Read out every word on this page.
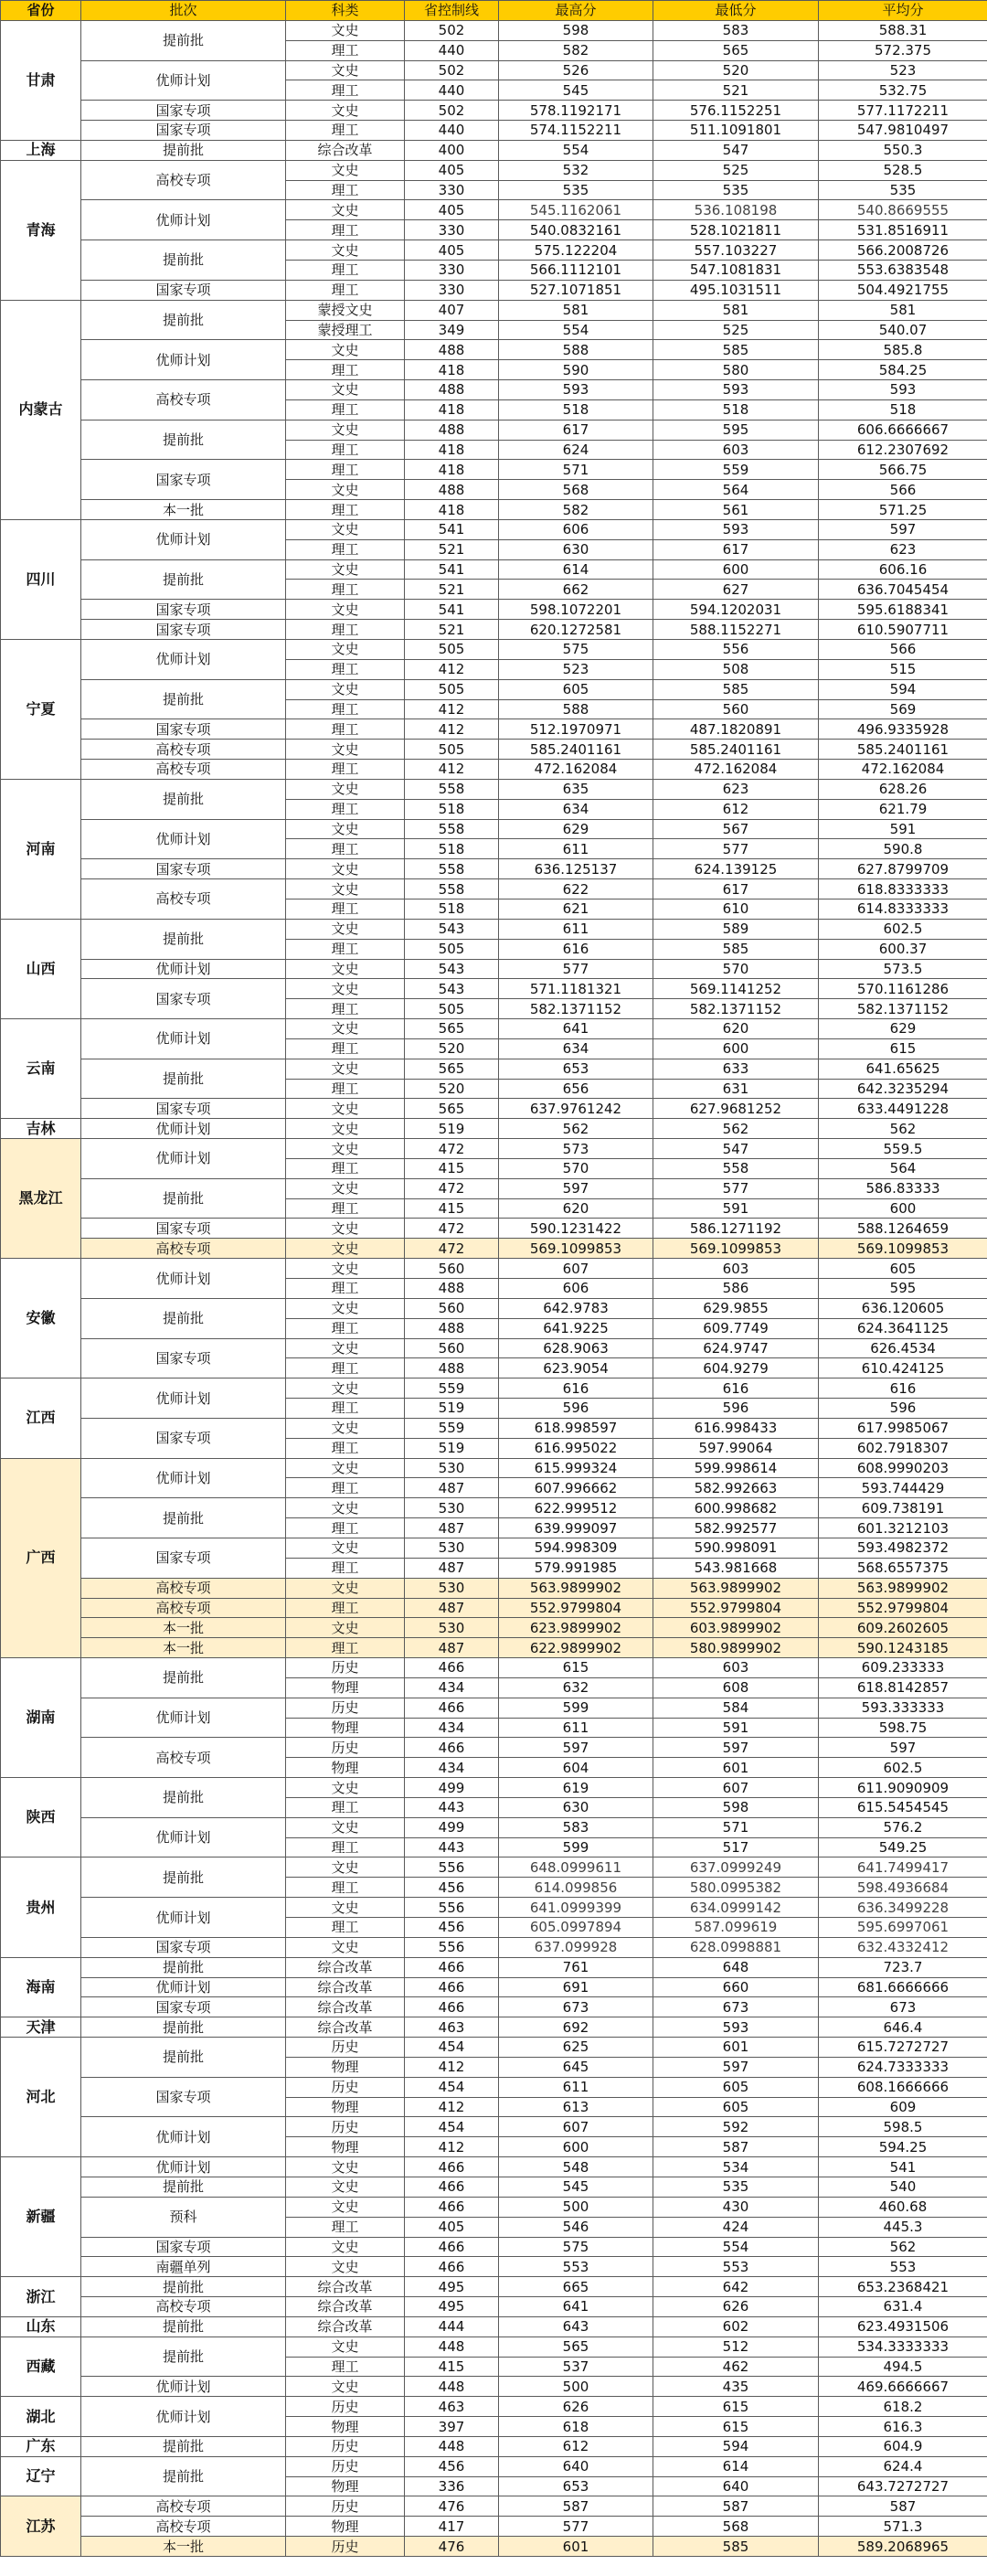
省份	批次	科类	省控制线	最高分	最低分	平均分
甘肃	提前批	文史	502	598	583	588.31
		理工	440	582	565	572.375
	优师计划	文史	502	526	520	523
		理工	440	545	521	532.75
	国家专项	文史	502	578.1192171	576.1152251	577.1172211
	国家专项	理工	440	574.1152211	511.1091801	547.9810497
上海	提前批	综合改革	400	554	547	550.3
青海	高校专项	文史	405	532	525	528.5
		理工	330	535	535	535
	优师计划	文史	405	545.1162061	536.108198	540.8669555
		理工	330	540.0832161	528.1021811	531.8516911
	提前批	文史	405	575.122204	557.103227	566.2008726
		理工	330	566.1112101	547.1081831	553.6383548
	国家专项	理工	330	527.1071851	495.1031511	504.4921755
内蒙古	提前批	蒙授文史	407	581	581	581
		蒙授理工	349	554	525	540.07
	优师计划	文史	488	588	585	585.8
		理工	418	590	580	584.25
	高校专项	文史	488	593	593	593
		理工	418	518	518	518
	提前批	文史	488	617	595	606.6666667
		理工	418	624	603	612.2307692
	国家专项	理工	418	571	559	566.75
		文史	488	568	564	566
	本一批	理工	418	582	561	571.25
四川	优师计划	文史	541	606	593	597
		理工	521	630	617	623
	提前批	文史	541	614	600	606.16
		理工	521	662	627	636.7045454
	国家专项	文史	541	598.1072201	594.1202031	595.6188341
	国家专项	理工	521	620.1272581	588.1152271	610.5907711
宁夏	优师计划	文史	505	575	556	566
		理工	412	523	508	515
	提前批	文史	505	605	585	594
		理工	412	588	560	569
	国家专项	理工	412	512.1970971	487.1820891	496.9335928
	高校专项	文史	505	585.2401161	585.2401161	585.2401161
	高校专项	理工	412	472.162084	472.162084	472.162084
河南	提前批	文史	558	635	623	628.26
		理工	518	634	612	621.79
	优师计划	文史	558	629	567	591
		理工	518	611	577	590.8
	国家专项	文史	558	636.125137	624.139125	627.8799709
	高校专项	文史	558	622	617	618.8333333
		理工	518	621	610	614.8333333
山西	提前批	文史	543	611	589	602.5
		理工	505	616	585	600.37
	优师计划	文史	543	577	570	573.5
	国家专项	文史	543	571.1181321	569.1141252	570.1161286
		理工	505	582.1371152	582.1371152	582.1371152
云南	优师计划	文史	565	641	620	629
		理工	520	634	600	615
	提前批	文史	565	653	633	641.65625
		理工	520	656	631	642.3235294
	国家专项	文史	565	637.9761242	627.9681252	633.4491228
吉林	优师计划	文史	519	562	562	562
黑龙江	优师计划	文史	472	573	547	559.5
		理工	415	570	558	564
	提前批	文史	472	597	577	586.83333
		理工	415	620	591	600
	国家专项	文史	472	590.1231422	586.1271192	588.1264659
	高校专项	文史	472	569.1099853	569.1099853	569.1099853
安徽	优师计划	文史	560	607	603	605
		理工	488	606	586	595
	提前批	文史	560	642.9783	629.9855	636.120605
		理工	488	641.9225	609.7749	624.3641125
	国家专项	文史	560	628.9063	624.9747	626.4534
		理工	488	623.9054	604.9279	610.424125
江西	优师计划	文史	559	616	616	616
		理工	519	596	596	596
	国家专项	文史	559	618.998597	616.998433	617.9985067
		理工	519	616.995022	597.99064	602.7918307
广西	优师计划	文史	530	615.999324	599.998614	608.9990203
		理工	487	607.996662	582.992663	593.744429
	提前批	文史	530	622.999512	600.998682	609.738191
		理工	487	639.999097	582.992577	601.3212103
	国家专项	文史	530	594.998309	590.998091	593.4982372
		理工	487	579.991985	543.981668	568.6557375
	高校专项	文史	530	563.9899902	563.9899902	563.9899902
	高校专项	理工	487	552.9799804	552.9799804	552.9799804
	本一批	文史	530	623.9899902	603.9899902	609.2602605
	本一批	理工	487	622.9899902	580.9899902	590.1243185
湖南	提前批	历史	466	615	603	609.233333
		物理	434	632	608	618.8142857
	优师计划	历史	466	599	584	593.333333
		物理	434	611	591	598.75
	高校专项	历史	466	597	597	597
		物理	434	604	601	602.5
陕西	提前批	文史	499	619	607	611.9090909
		理工	443	630	598	615.5454545
	优师计划	文史	499	583	571	576.2
		理工	443	599	517	549.25
贵州	提前批	文史	556	648.0999611	637.0999249	641.7499417
		理工	456	614.099856	580.0995382	598.4936684
	优师计划	文史	556	641.0999399	634.0999142	636.3499228
		理工	456	605.0997894	587.099619	595.6997061
	国家专项	文史	556	637.099928	628.0998881	632.4332412
海南	提前批	综合改革	466	761	648	723.7
	优师计划	综合改革	466	691	660	681.6666666
	国家专项	综合改革	466	673	673	673
天津	提前批	综合改革	463	692	593	646.4
河北	提前批	历史	454	625	601	615.7272727
		物理	412	645	597	624.7333333
	国家专项	历史	454	611	605	608.1666666
		物理	412	613	605	609
	优师计划	历史	454	607	592	598.5
		物理	412	600	587	594.25
新疆	优师计划	文史	466	548	534	541
	提前批	文史	466	545	535	540
	预科	文史	466	500	430	460.68
		理工	405	546	424	445.3
	国家专项	文史	466	575	554	562
	南疆单列	文史	466	553	553	553
浙江	提前批	综合改革	495	665	642	653.2368421
	高校专项	综合改革	495	641	626	631.4
山东	提前批	综合改革	444	643	602	623.4931506
西藏	提前批	文史	448	565	512	534.3333333
		理工	415	537	462	494.5
	优师计划	文史	448	500	435	469.6666667
湖北	优师计划	历史	463	626	615	618.2
		物理	397	618	615	616.3
广东	提前批	历史	448	612	594	604.9
辽宁	提前批	历史	456	640	614	624.4
		物理	336	653	640	643.7272727
江苏	高校专项	历史	476	587	587	587
	高校专项	物理	417	577	568	571.3
	本一批	历史	476	601	585	589.2068965
